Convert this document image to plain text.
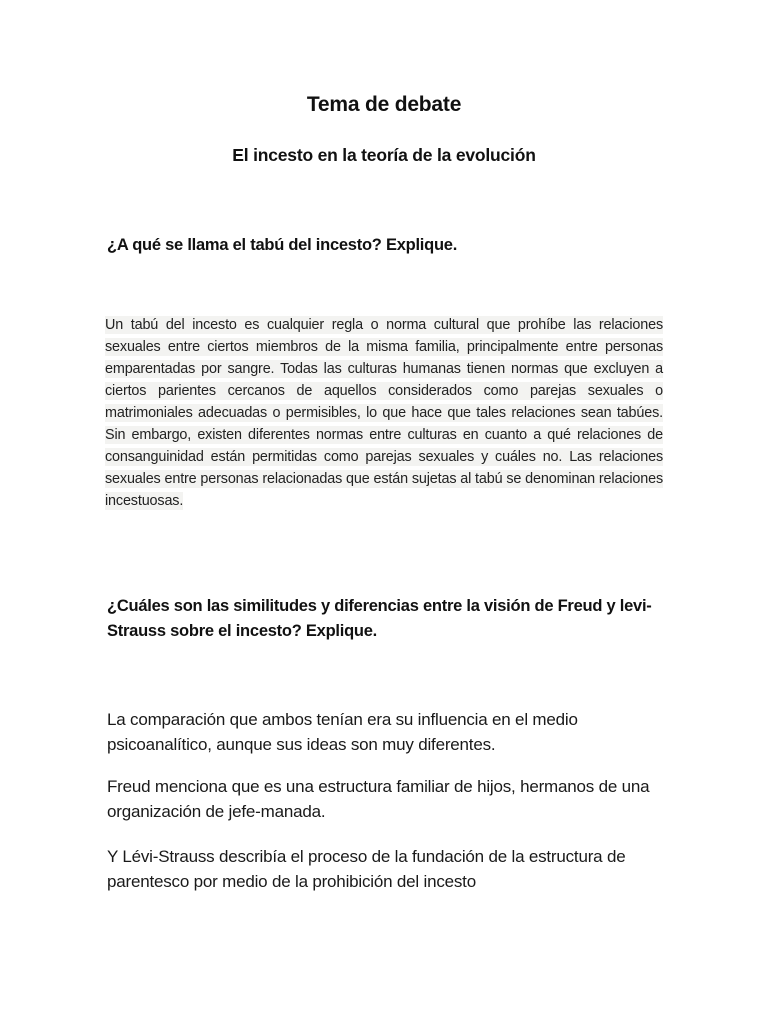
Tema de debate
El incesto en la teoría de la evolución

¿A qué se llama el tabú del incesto? Explique.

Un tabú del incesto es cualquier regla o norma cultural que prohíbe las relaciones sexuales entre ciertos miembros de la misma familia, principalmente entre personas emparentadas por sangre. Todas las culturas humanas tienen normas que excluyen a ciertos parientes cercanos de aquellos considerados como parejas sexuales o matrimoniales adecuadas o permisibles, lo que hace que tales relaciones sean tabúes. Sin embargo, existen diferentes normas entre culturas en cuanto a qué relaciones de consanguinidad están permitidas como parejas sexuales y cuáles no. Las relaciones sexuales entre personas relacionadas que están sujetas al tabú se denominan relaciones incestuosas.

¿Cuáles son las similitudes y diferencias entre la visión de Freud y levi- Strauss sobre el incesto? Explique.

La comparación que ambos tenían era su influencia en el medio psicoanalítico, aunque sus ideas son muy diferentes.

Freud menciona que es una estructura familiar de hijos, hermanos de una organización de jefe-manada.

Y Lévi-Strauss describía el proceso de la fundación de la estructura de parentesco por medio de la prohibición del incesto
